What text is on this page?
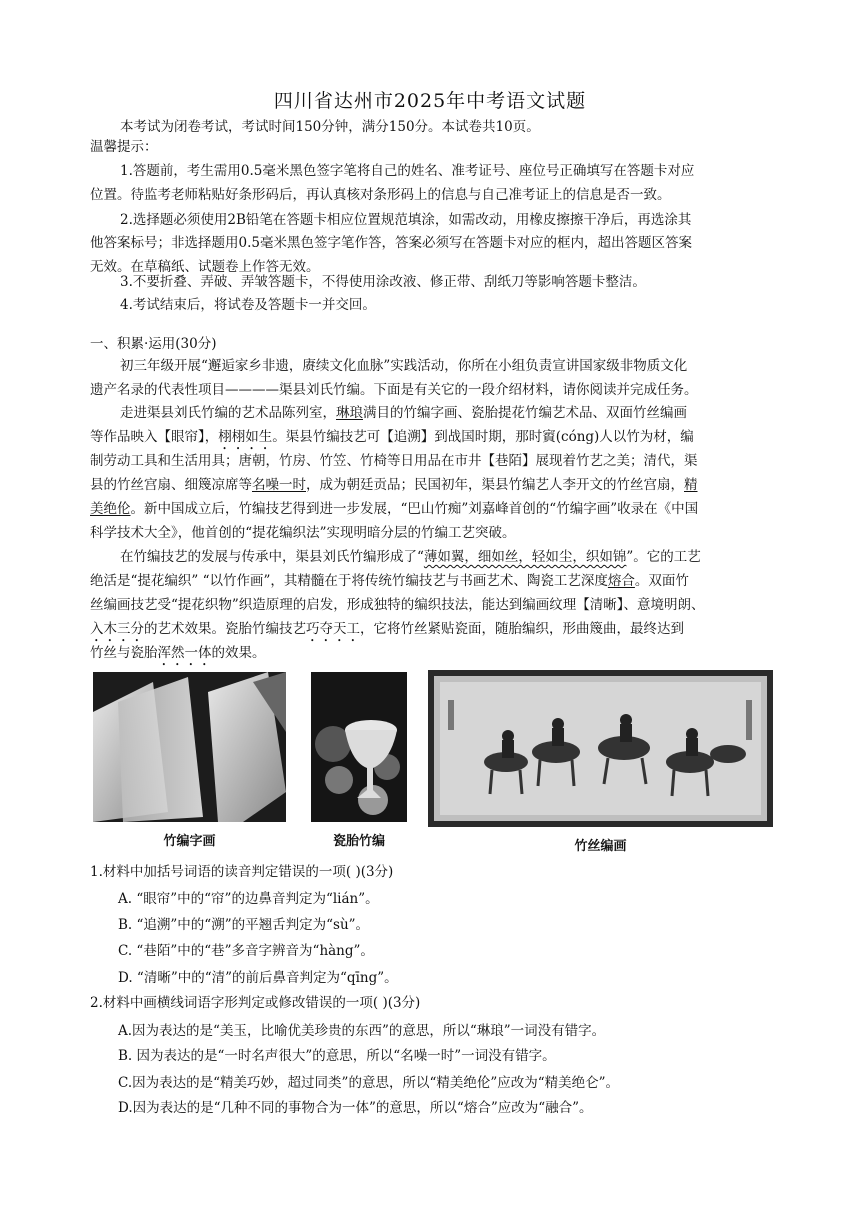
四川省达州市2025年中考语文试题
本考试为闭卷考试，考试时间150分钟，满分150分。本试卷共10页。
温馨提示：
1.答题前，考生需用0.5毫米黑色签字笔将自己的姓名、准考证号、座位号正确填写在答题卡对应
位置。待监考老师粘贴好条形码后，再认真核对条形码上的信息与自己准考证上的信息是否一致。
2.选择题必须使用2B铅笔在答题卡相应位置规范填涂，如需改动，用橡皮擦擦干净后，再选涂其
他答案标号；非选择题用0.5毫米黑色签字笔作答，答案必须写在答题卡对应的框内，超出答题区答案
无效。在草稿纸、试题卷上作答无效。
3.不要折叠、弄破、弄皱答题卡，不得使用涂改液、修正带、刮纸刀等影响答题卡整洁。
4.考试结束后，将试卷及答题卡一并交回。
一、积累·运用(30分)
初三年级开展“邂逅家乡非遗，赓续文化血脉”实践活动，你所在小组负责宣讲国家级非物质文化
遗产名录的代表性项目————渠县刘氏竹编。下面是有关它的一段介绍材料，请你阅读并完成任务。
走进渠县刘氏竹编的艺术品陈列室，琳琅满目的竹编字画、瓷胎提花竹编艺术品、双面竹丝编画
等作品映入【眼帘】，栩栩如生。渠县竹编技艺可【追溯】到战国时期，那时賨(cóng)人以竹为材，编
制劳动工具和生活用具；唐朝，竹房、竹笠、竹椅等日用品在市井【巷陌】展现着竹艺之美；清代，渠
县的竹丝宫扇、细篾凉席等名噪一时，成为朝廷贡品；民国初年，渠县竹编艺人李开文的竹丝宫扇，精
美绝伦。新中国成立后，竹编技艺得到进一步发展，“巴山竹痴”刘嘉峰首创的“竹编字画”收录在《中国
科学技术大全》，他首创的“提花编织法”实现明暗分层的竹编工艺突破。
在竹编技艺的发展与传承中，渠县刘氏竹编形成了“薄如翼，细如丝，轻如尘，织如锦”。它的工艺
绝活是“提花编织” “以竹作画”，其精髓在于将传统竹编技艺与书画艺术、陶瓷工艺深度熔合。双面竹
丝编画技艺受“提花织物”织造原理的启发，形成独特的编织技法，能达到编画纹理【清晰】、意境明朗、
入木三分的艺术效果。瓷胎竹编技艺巧夺天工，它将竹丝紧贴瓷面，随胎编织，形曲篾曲，最终达到
竹丝与瓷胎浑然一体的效果。
竹编字画	瓷胎竹编	竹丝编画
1.材料中加括号词语的读音判定错误的一项( )(3分)
A. “眼帘”中的“帘”的边鼻音判定为“lián”。
B. “追溯”中的“溯”的平翘舌判定为“sù”。
C. “巷陌”中的“巷”多音字辨音为“hàng”。
D. “清晰”中的“清”的前后鼻音判定为“qīng”。
2.材料中画横线词语字形判定或修改错误的一项( )(3分)
A.因为表达的是“美玉，比喻优美珍贵的东西”的意思，所以“琳琅”一词没有错字。
B. 因为表达的是“一时名声很大”的意思，所以“名噪一时”一词没有错字。
C.因为表达的是“精美巧妙，超过同类”的意思，所以“精美绝伦”应改为“精美绝仑”。
D.因为表达的是“几种不同的事物合为一体”的意思，所以“熔合”应改为“融合”。
